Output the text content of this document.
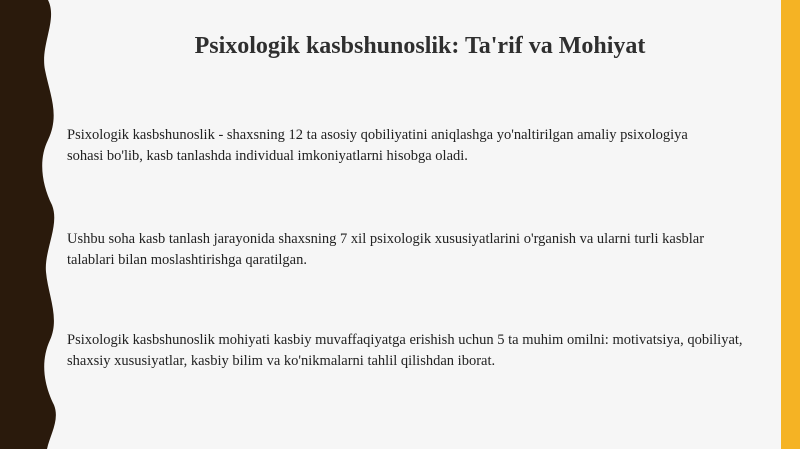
Psixologik kasbshunoslik: Ta'rif va Mohiyat

Psixologik kasbshunoslik - shaxsning 12 ta asosiy qobiliyatini aniqlashga yo'naltirilgan amaliy psixologiya sohasi bo'lib, kasb tanlashda individual imkoniyatlarni hisobga oladi.

Ushbu soha kasb tanlash jarayonida shaxsning 7 xil psixologik xususiyatlarini o'rganish va ularni turli kasblar talablari bilan moslashtirishga qaratilgan.

Psixologik kasbshunoslik mohiyati kasbiy muvaffaqiyatga erishish uchun 5 ta muhim omilni: motivatsiya, qobiliyat, shaxsiy xususiyatlar, kasbiy bilim va ko'nikmalarni tahlil qilishdan iborat.
